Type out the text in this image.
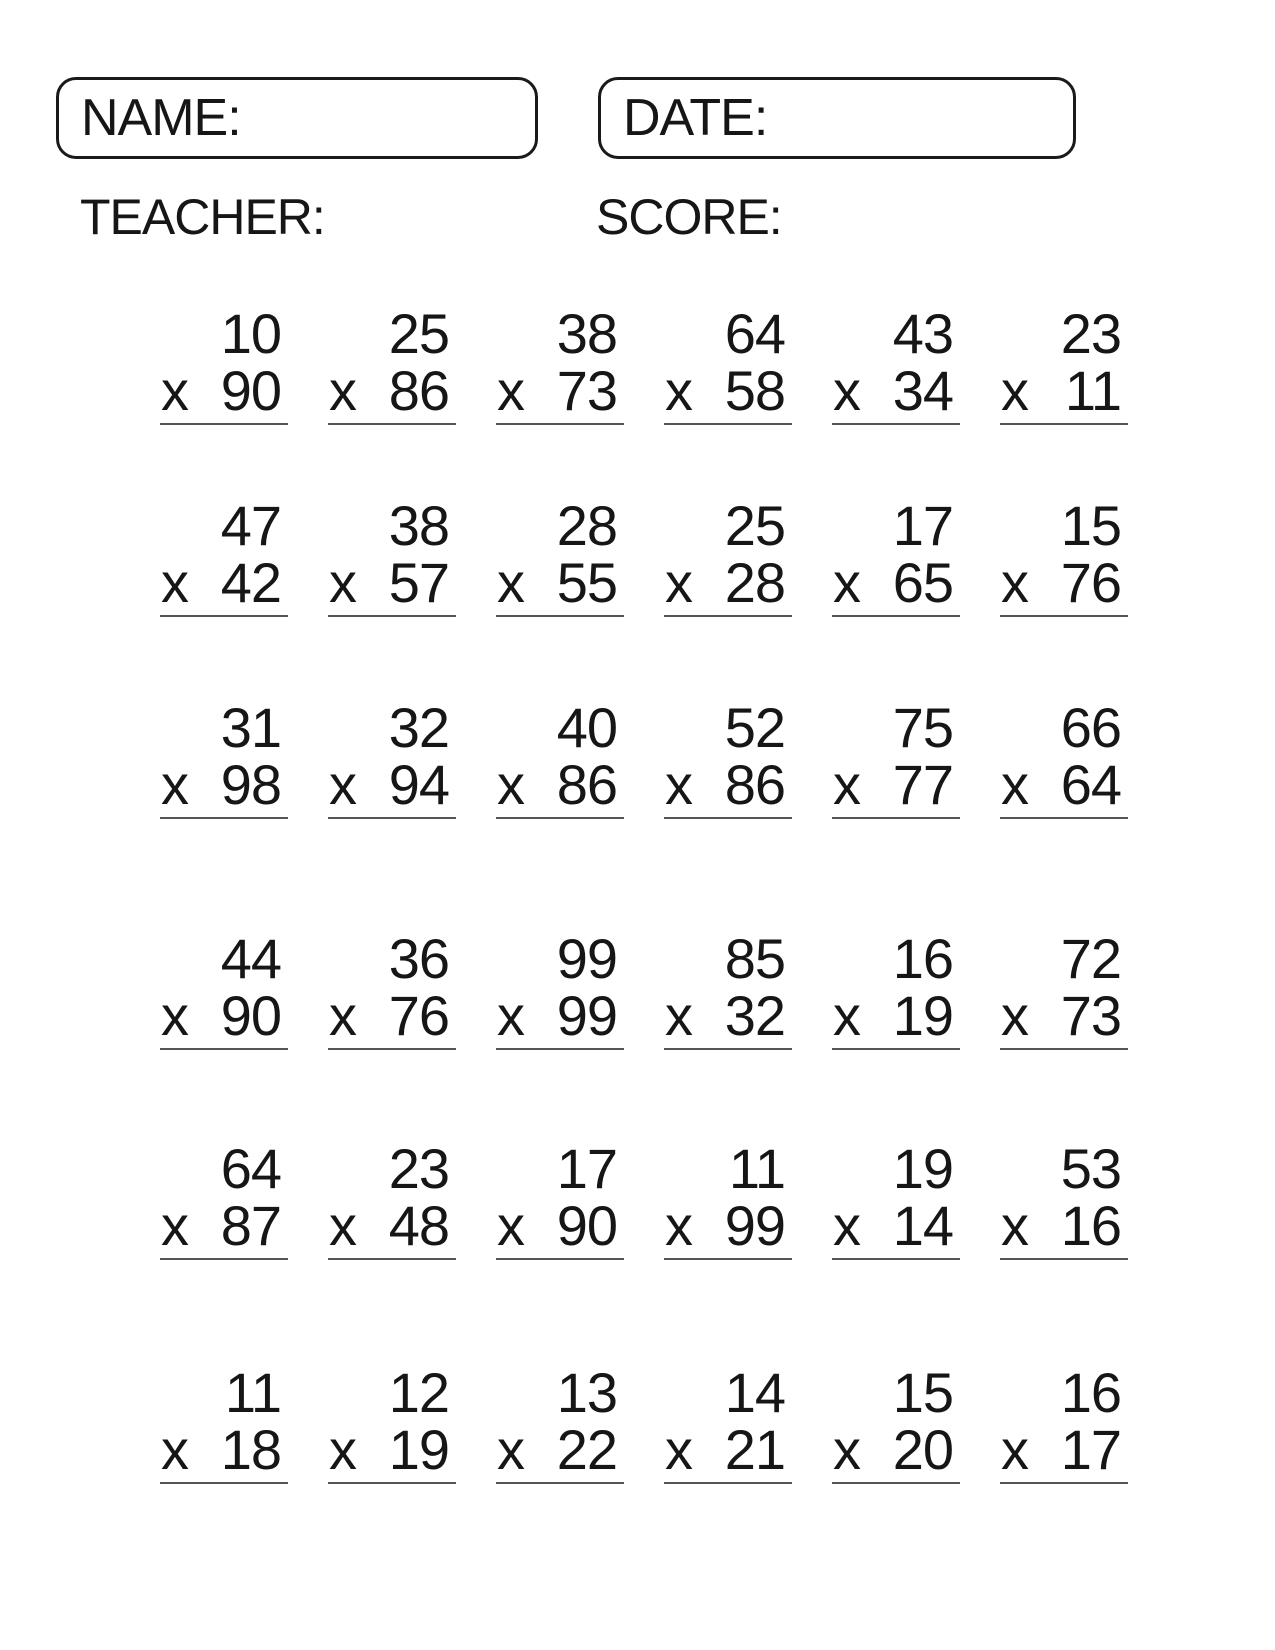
NAME:	DATE:
TEACHER:	SCORE:
10
x 90
25
x 86
38
x 73
64
x 58
43
x 34
23
x 11
47
x 42
38
x 57
28
x 55
25
x 28
17
x 65
15
x 76
31
x 98
32
x 94
40
x 86
52
x 86
75
x 77
66
x 64
44
x 90
36
x 76
99
x 99
85
x 32
16
x 19
72
x 73
64
x 87
23
x 48
17
x 90
11
x 99
19
x 14
53
x 16
11
x 18
12
x 19
13
x 22
14
x 21
15
x 20
16
x 17
